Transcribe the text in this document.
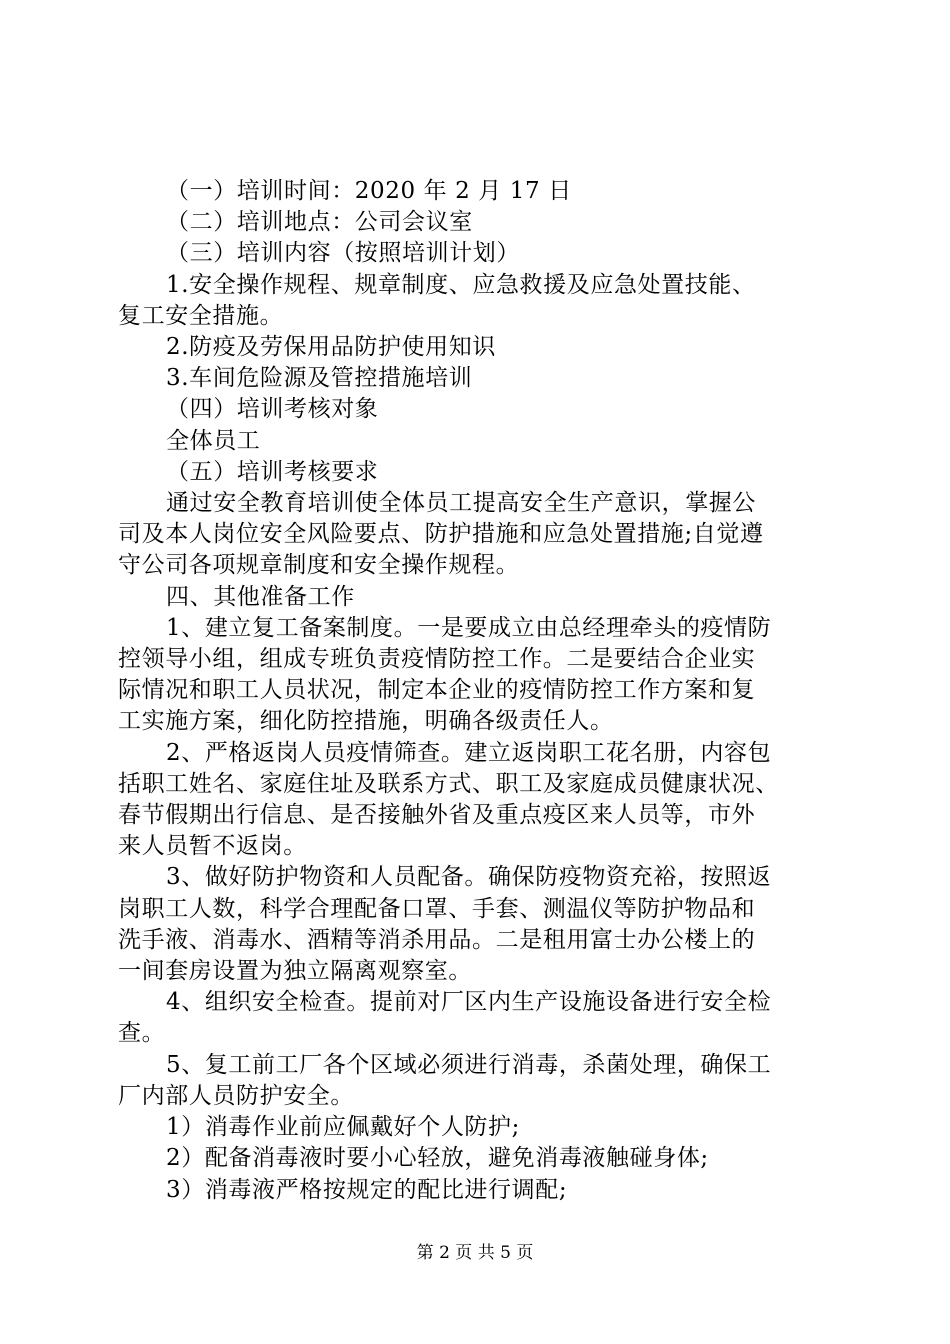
（一）培训时间：2020 年 2 月 17 日
（二）培训地点：公司会议室
（三）培训内容（按照培训计划）
1.安全操作规程、规章制度、应急救援及应急处置技能、
复工安全措施。
2.防疫及劳保用品防护使用知识
3.车间危险源及管控措施培训
（四）培训考核对象
全体员工
（五）培训考核要求
通过安全教育培训使全体员工提高安全生产意识，掌握公
司及本人岗位安全风险要点、防护措施和应急处置措施;自觉遵
守公司各项规章制度和安全操作规程。
四、其他准备工作
1、建立复工备案制度。一是要成立由总经理牵头的疫情防
控领导小组，组成专班负责疫情防控工作。二是要结合企业实
际情况和职工人员状况，制定本企业的疫情防控工作方案和复
工实施方案，细化防控措施，明确各级责任人。
2、严格返岗人员疫情筛查。建立返岗职工花名册，内容包
括职工姓名、家庭住址及联系方式、职工及家庭成员健康状况、
春节假期出行信息、是否接触外省及重点疫区来人员等，市外
来人员暂不返岗。
3、做好防护物资和人员配备。确保防疫物资充裕，按照返
岗职工人数，科学合理配备口罩、手套、测温仪等防护物品和
洗手液、消毒水、酒精等消杀用品。二是租用富士办公楼上的
一间套房设置为独立隔离观察室。
4、组织安全检查。提前对厂区内生产设施设备进行安全检
查。
5、复工前工厂各个区域必须进行消毒，杀菌处理，确保工
厂内部人员防护安全。
1）消毒作业前应佩戴好个人防护;
2）配备消毒液时要小心轻放，避免消毒液触碰身体;
3）消毒液严格按规定的配比进行调配;
第 2 页 共 5 页
